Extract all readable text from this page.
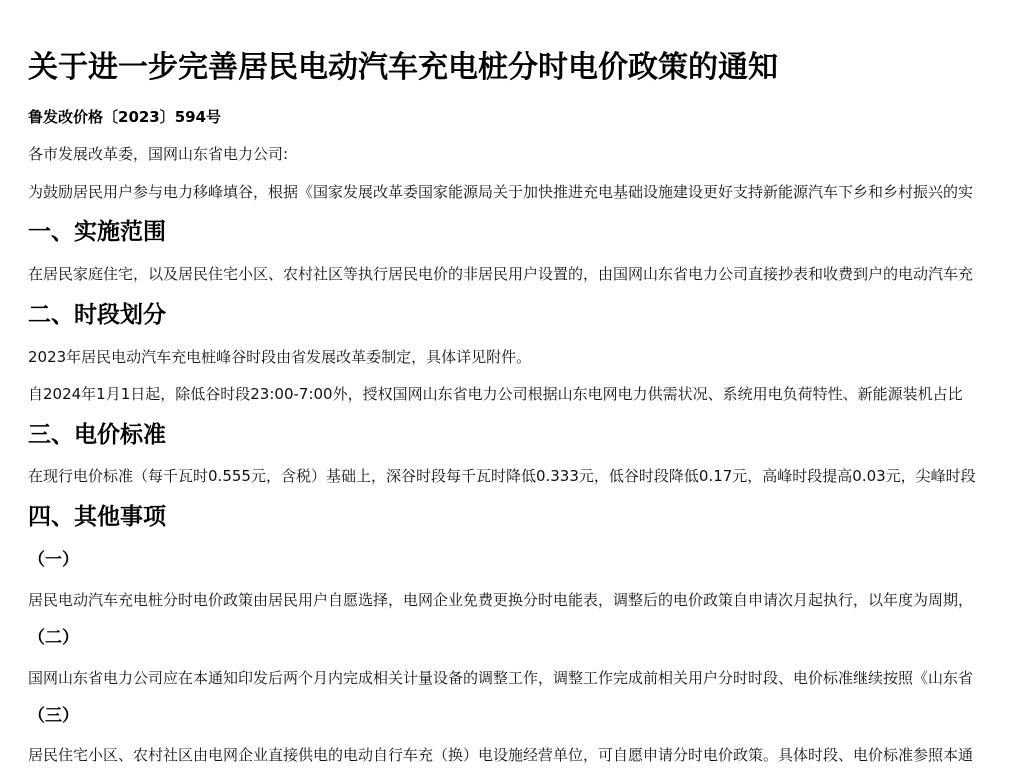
关于进一步完善居民电动汽车充电桩分时电价政策的通知
鲁发改价格〔2023〕594号

各市发展改革委，国网山东省电力公司:

为鼓励居民用户参与电力移峰填谷，根据《国家发展改革委国家能源局关于加快推进充电基础设施建设更好支持新能源汽车下乡和乡村振兴的实

一、实施范围

在居民家庭住宅，以及居民住宅小区、农村社区等执行居民电价的非居民用户设置的，由国网山东省电力公司直接抄表和收费到户的电动汽车充

二、时段划分

2023年居民电动汽车充电桩峰谷时段由省发展改革委制定，具体详见附件。

自2024年1月1日起，除低谷时段23:00-7:00外，授权国网山东省电力公司根据山东电网电力供需状况、系统用电负荷特性、新能源装机占比

三、电价标准

在现行电价标准（每千瓦时0.555元，含税）基础上，深谷时段每千瓦时降低0.333元，低谷时段降低0.17元，高峰时段提高0.03元，尖峰时段

四、其他事项
（一）

居民电动汽车充电桩分时电价政策由居民用户自愿选择，电网企业免费更换分时电能表，调整后的电价政策自申请次月起执行，以年度为周期，

（二）

国网山东省电力公司应在本通知印发后两个月内完成相关计量设备的调整工作，调整工作完成前相关用户分时时段、电价标准继续按照《山东省

（三）

居民住宅小区、农村社区由电网企业直接供电的电动自行车充（换）电设施经营单位，可自愿申请分时电价政策。具体时段、电价标准参照本通
